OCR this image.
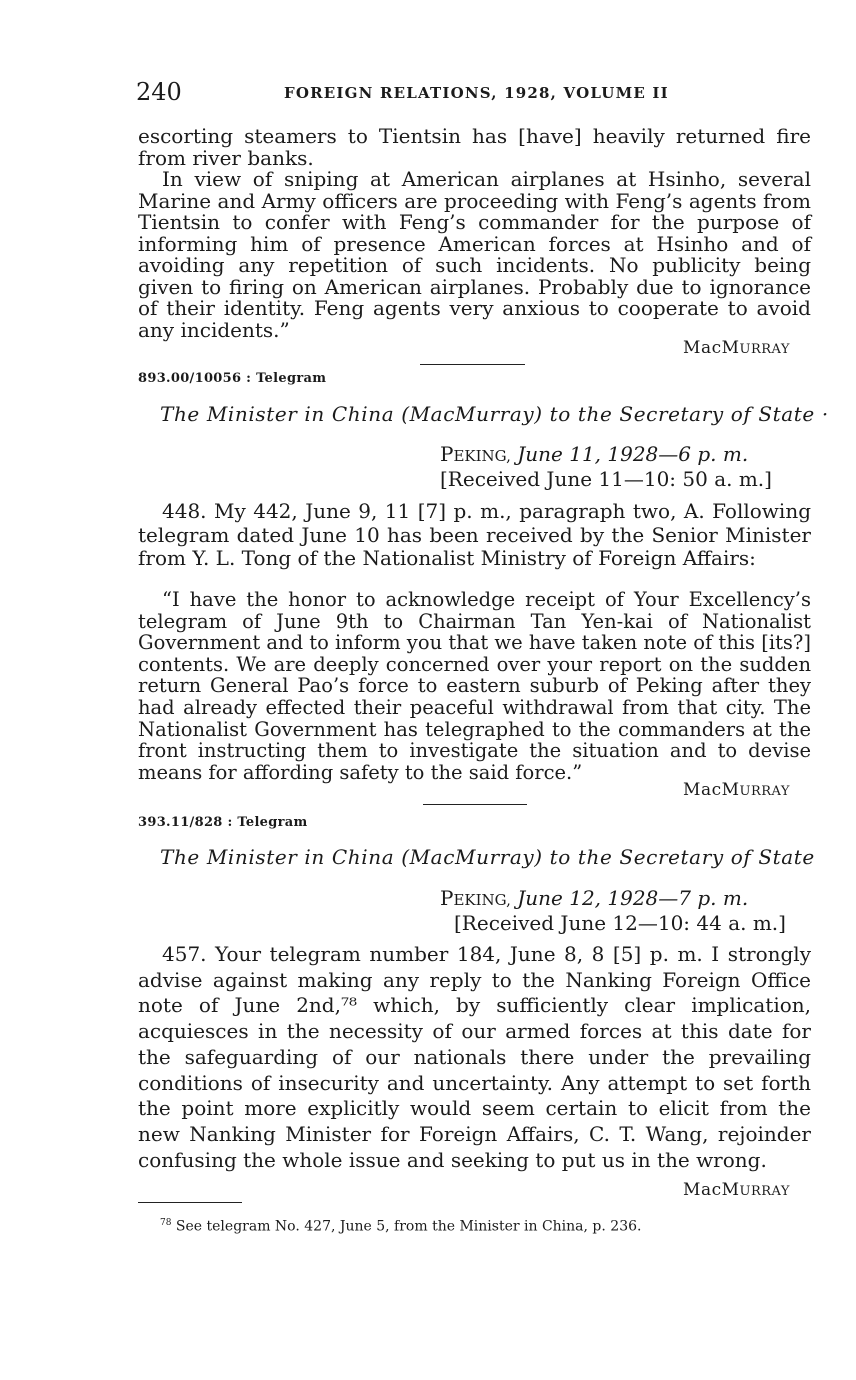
240	FOREIGN RELATIONS, 1928, VOLUME II

escorting steamers to Tientsin has [have] heavily returned fire from river banks.

In view of sniping at American airplanes at Hsinho, several Marine and Army officers are proceeding with Feng’s agents from Tientsin to confer with Feng’s commander for the purpose of informing him of presence American forces at Hsinho and of avoiding any repetition of such incidents. No publicity being given to firing on American airplanes. Probably due to ignorance of their identity. Feng agents very anxious to cooperate to avoid any incidents.”

MacMURRAY
893.00/10056 : Telegram
The Minister in China (MacMurray) to the Secretary of State ·
PEKING, June 11, 1928—6 p. m.
[Received June 11—10: 50 a. m.]

448. My 442, June 9, 11 [7] p. m., paragraph two, A. Following telegram dated June 10 has been received by the Senior Minister from Y. L. Tong of the Nationalist Ministry of Foreign Affairs:

“I have the honor to acknowledge receipt of Your Excellency’s telegram of June 9th to Chairman Tan Yen-kai of Nationalist Government and to inform you that we have taken note of this [its?] contents. We are deeply concerned over your report on the sudden return General Pao’s force to eastern suburb of Peking after they had already effected their peaceful withdrawal from that city. The Nationalist Government has telegraphed to the commanders at the front instructing them to investigate the situation and to devise means for affording safety to the said force.”
MacMURRAY
393.11/828 : Telegram
The Minister in China (MacMurray) to the Secretary of State
PEKING, June 12, 1928—7 p. m.
[Received June 12—10: 44 a. m.]

457. Your telegram number 184, June 8, 8 [5] p. m. I strongly advise against making any reply to the Nanking Foreign Office note of June 2nd,⁷⁸ which, by sufficiently clear implication, acquiesces in the necessity of our armed forces at this date for the safeguarding of our nationals there under the prevailing conditions of insecurity and uncertainty. Any attempt to set forth the point more explicitly would seem certain to elicit from the new Nanking Minister for Foreign Affairs, C. T. Wang, rejoinder confusing the whole issue and seeking to put us in the wrong.

MacMURRAY
$^{78}$ See telegram No. 427, June 5, from the Minister in China, p. 236.
